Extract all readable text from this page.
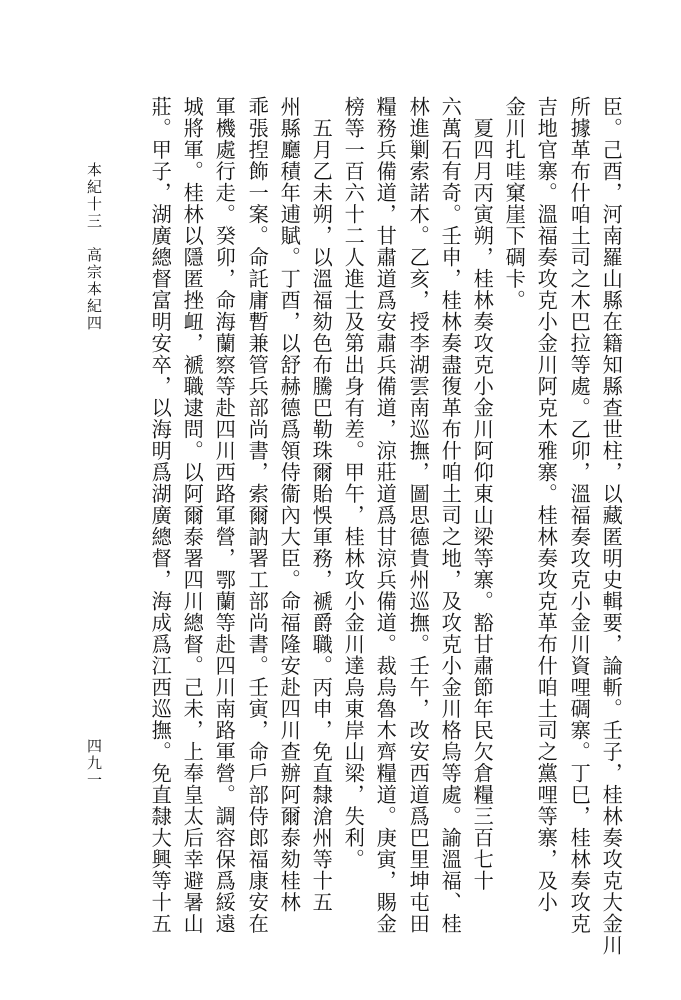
臣。己酉，河南羅山縣在籍知縣查世柱，以藏匿明史輯要，論斬。壬子，桂林奏攻克大金川
所據革布什咱土司之木巴拉等處。乙卯，溫福奏攻克小金川資哩碉寨。丁巳，桂林奏攻克
吉地官寨。溫福奏攻克小金川阿克木雅寨。桂林奏攻克革布什咱土司之黨哩等寨，及小
金川扎哇窠崖下碉卡。
　夏四月丙寅朔，桂林奏攻克小金川阿仰東山梁等寨。豁甘肅節年民欠倉糧三百七十
六萬石有奇。壬申，桂林奏盡復革布什咱土司之地，及攻克小金川格烏等處。諭溫福、桂
林進剿索諾木。乙亥，授李湖雲南巡撫，圖思德貴州巡撫。壬午，改安西道爲巴里坤屯田
糧務兵備道，甘肅道爲安肅兵備道，涼莊道爲甘涼兵備道。裁烏魯木齊糧道。庚寅，賜金
榜等一百六十二人進士及第出身有差。甲午，桂林攻小金川達烏東岸山梁，失利。
　五月乙未朔，以溫福劾色布騰巴勒珠爾貽悞軍務，褫爵職。丙申，免直隸滄州等十五
州縣廳積年逋賦。丁酉，以舒赫德爲領侍衞內大臣。命福隆安赴四川查辦阿爾泰劾桂林
乖張揑飾一案。命託庸暫兼管兵部尚書，索爾訥署工部尚書。壬寅，命戶部侍郎福康安在
軍機處行走。癸卯，命海蘭察等赴四川西路軍營，鄂蘭等赴四川南路軍營。調容保爲綏遠
城將軍。桂林以隱匿挫衄，褫職逮問。以阿爾泰署四川總督。己未，上奉皇太后幸避暑山
莊。甲子，湖廣總督富明安卒，以海明爲湖廣總督，海成爲江西巡撫。免直隸大興等十五
本紀十三　高宗本紀四
四九一
